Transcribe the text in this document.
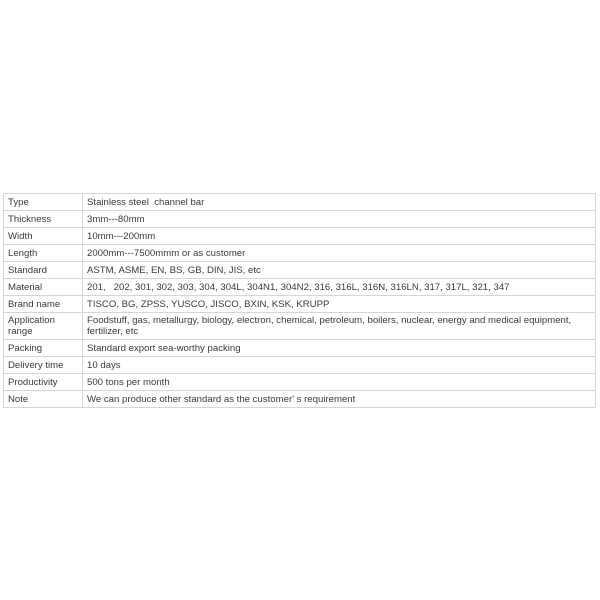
Type	Stainless steel  channel bar
Thickness	3mm---80mm
Width	10mm---200mm
Length	2000mm---7500mmm or as customer
Standard	ASTM, ASME, EN, BS, GB, DIN, JIS, etc
Material	201,   202, 301, 302, 303, 304, 304L, 304N1, 304N2, 316, 316L, 316N, 316LN, 317, 317L, 321, 347
Brand name	TISCO, BG, ZPSS, YUSCO, JISCO, BXIN, KSK, KRUPP
Application range	Foodstuff, gas, metallurgy, biology, electron, chemical, petroleum, boilers, nuclear, energy and medical equipment, fertilizer, etc
Packing	Standard export sea-worthy packing
Delivery time	10 days
Productivity	500 tons per month
Note	We can produce other standard as the customer' s requirement
